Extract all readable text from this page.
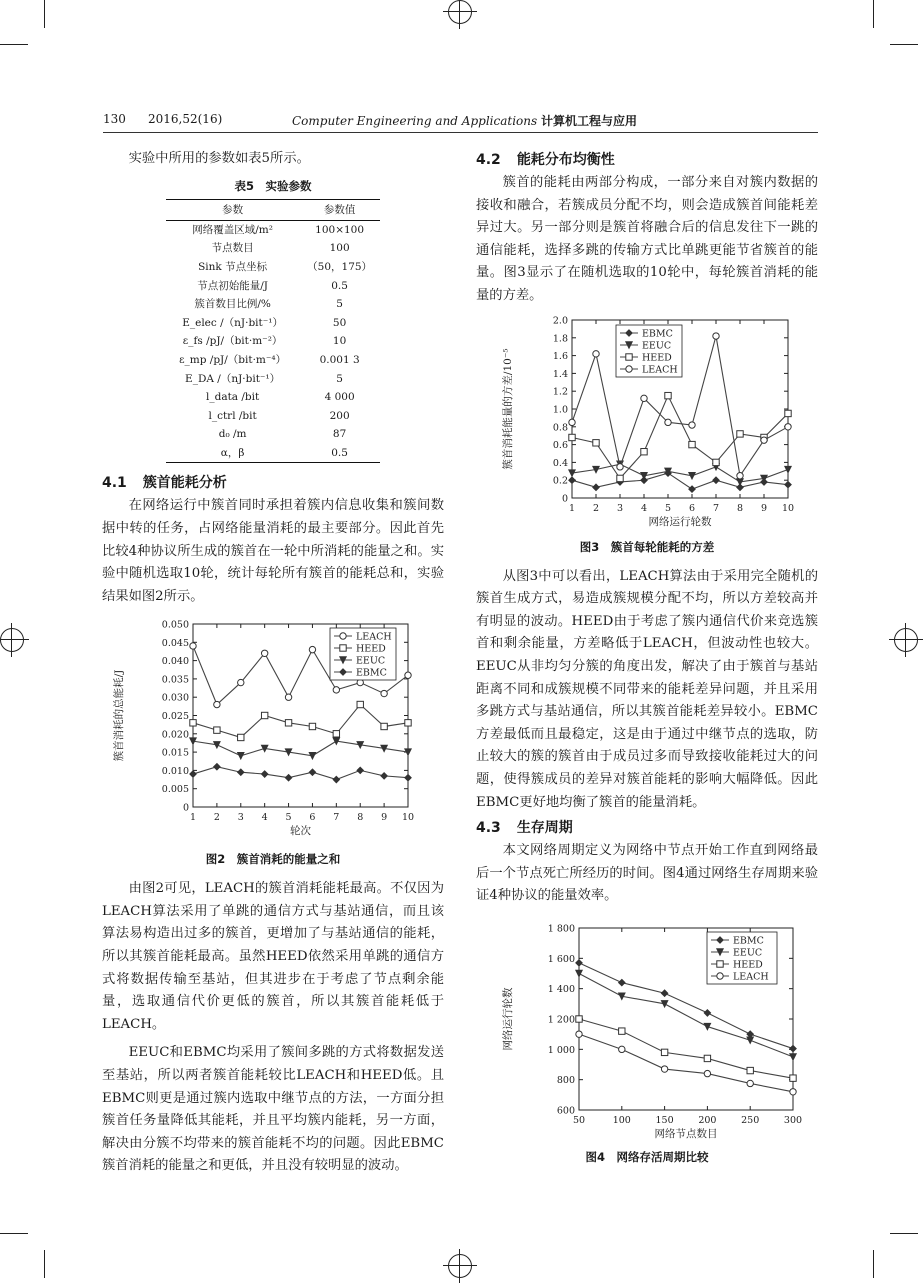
130 2016,52(16)	Computer Engineering and Applications 计算机工程与应用

实验中所用的参数如表5所示。

表5　实验参数

参数	参数值
网络覆盖区域/m²	100×100
节点数目	100
Sink 节点坐标	（50，175）
节点初始能量/J	0.5
簇首数目比例/%	5
E_elec /（nJ·bit⁻¹）	50
ε_fs /pJ/（bit·m⁻²）	10
ε_mp /pJ/（bit·m⁻⁴）	0.001 3
E_DA /（nJ·bit⁻¹）	5
l_data /bit	4 000
l_ctrl /bit	200
d₀ /m	87
α，β	0.5
4.1 簇首能耗分析

在网络运行中簇首同时承担着簇内信息收集和簇间数据中转的任务，占网络能量消耗的最主要部分。因此首先比较4种协议所生成的簇首在一轮中所消耗的能量之和。实验中随机选取10轮，统计每轮所有簇首的能耗总和，实验结果如图2所示。

0
0.005
0.010
0.015
0.020
0.025
0.030
0.035
0.040
0.045
0.050
1 2 3 4 5 6 7 8 9 10
轮次
簇首消耗的总能耗/J
LEACH
HEED
EEUC
EBMC

图2　簇首消耗的能量之和

由图2可见，LEACH的簇首消耗能耗最高。不仅因为LEACH算法采用了单跳的通信方式与基站通信，而且该算法易构造出过多的簇首，更增加了与基站通信的能耗，所以其簇首能耗最高。虽然HEED依然采用单跳的通信方式将数据传输至基站，但其进步在于考虑了节点剩余能量，选取通信代价更低的簇首，所以其簇首能耗低于LEACH。

EEUC和EBMC均采用了簇间多跳的方式将数据发送至基站，所以两者簇首能耗较比LEACH和HEED低。且EBMC则更是通过簇内选取中继节点的方法，一方面分担簇首任务量降低其能耗，并且平均簇内能耗，另一方面，解决由分簇不均带来的簇首能耗不均的问题。因此EBMC簇首消耗的能量之和更低，并且没有较明显的波动。

4.2 能耗分布均衡性

簇首的能耗由两部分构成，一部分来自对簇内数据的接收和融合，若簇成员分配不均，则会造成簇首间能耗差异过大。另一部分则是簇首将融合后的信息发往下一跳的通信能耗，选择多跳的传输方式比单跳更能节省簇首的能量。图3显示了在随机选取的10轮中，每轮簇首消耗的能量的方差。

0
0.2
0.4
0.6
0.8
1.0
1.2
1.4
1.6
1.8
2.0
1 2 3 4 5 6 7 8 9 10
网络运行轮数
簇首消耗能量的方差/10⁻⁵
EBMC
EEUC
HEED
LEACH

图3　簇首每轮能耗的方差

从图3中可以看出，LEACH算法由于采用完全随机的簇首生成方式，易造成簇规模分配不均，所以方差较高并有明显的波动。HEED由于考虑了簇内通信代价来竞选簇首和剩余能量，方差略低于LEACH，但波动性也较大。EEUC从非均匀分簇的角度出发，解决了由于簇首与基站距离不同和成簇规模不同带来的能耗差异问题，并且采用多跳方式与基站通信，所以其簇首能耗差异较小。EBMC方差最低而且最稳定，这是由于通过中继节点的选取，防止较大的簇的簇首由于成员过多而导致接收能耗过大的问题，使得簇成员的差异对簇首能耗的影响大幅降低。因此EBMC更好地均衡了簇首的能量消耗。

4.3 生存周期

本文网络周期定义为网络中节点开始工作直到网络最后一个节点死亡所经历的时间。图4通过网络生存周期来验证4种协议的能量效率。

600
800
1 000
1 200
1 400
1 600
1 800
50	100	150	200	250	300
网络节点数目
网络运行轮数
EBMC
EEUC
HEED
LEACH

图4　网络存活周期比较
